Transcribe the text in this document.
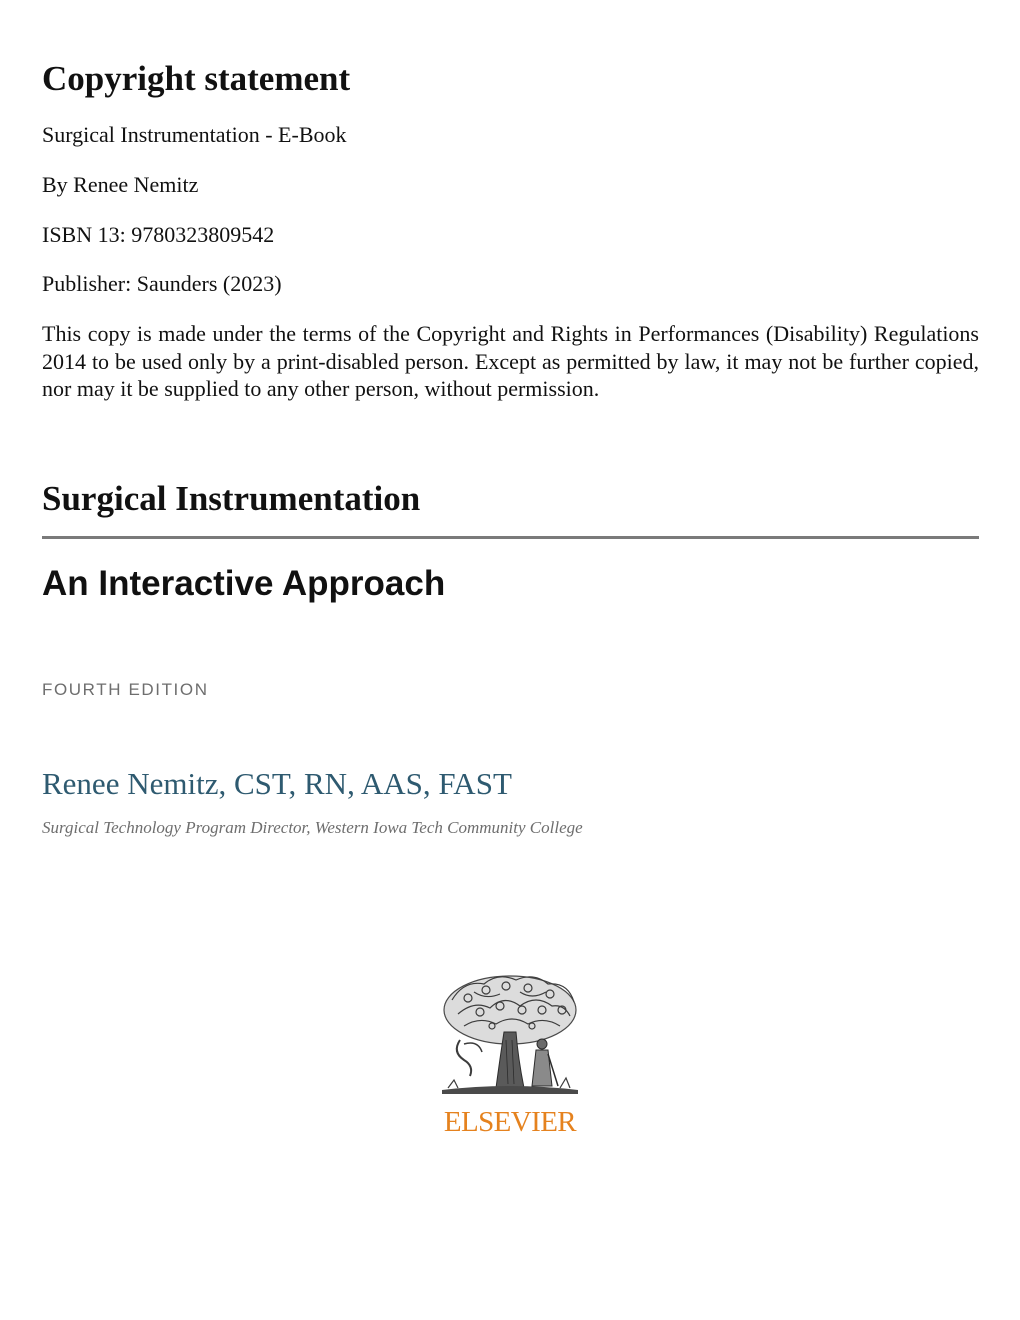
Copyright statement

Surgical Instrumentation - E-Book

By Renee Nemitz

ISBN 13: 9780323809542

Publisher: Saunders (2023)

This copy is made under the terms of the Copyright and Rights in Performances (Disability) Regulations 2014 to be used only by a print-disabled person. Except as permitted by law, it may not be further copied, nor may it be supplied to any other person, without permission.

Surgical Instrumentation
An Interactive Approach

FOURTH EDITION

Renee Nemitz, CST, RN, AAS, FAST

Surgical Technology Program Director, Western Iowa Tech Community College

ELSEVIER
